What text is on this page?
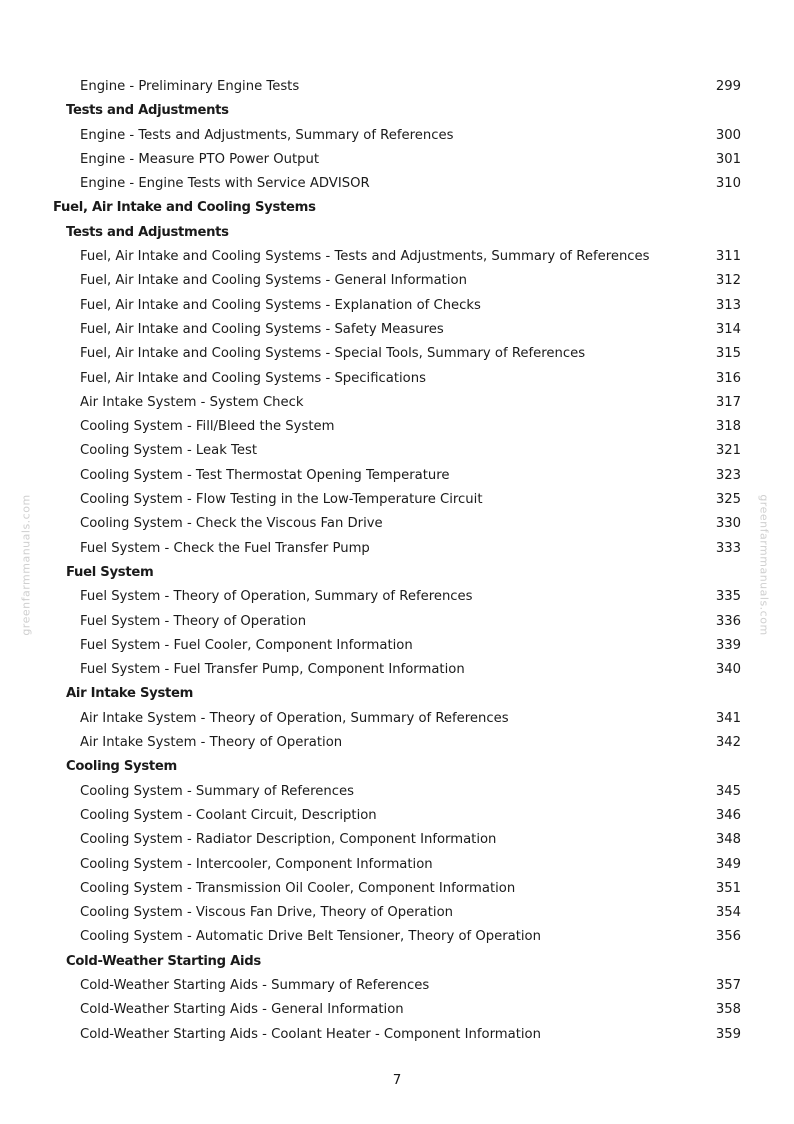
greenfarmmanuals.com	greenfarmmanuals.com
Engine - Preliminary Engine Tests	299
Tests and Adjustments
Engine - Tests and Adjustments, Summary of References	300
Engine - Measure PTO Power Output	301
Engine - Engine Tests with Service ADVISOR	310
Fuel, Air Intake and Cooling Systems
Tests and Adjustments
Fuel, Air Intake and Cooling Systems - Tests and Adjustments, Summary of References	311
Fuel, Air Intake and Cooling Systems - General Information	312
Fuel, Air Intake and Cooling Systems - Explanation of Checks	313
Fuel, Air Intake and Cooling Systems - Safety Measures	314
Fuel, Air Intake and Cooling Systems - Special Tools, Summary of References	315
Fuel, Air Intake and Cooling Systems - Specifications	316
Air Intake System - System Check	317
Cooling System - Fill/Bleed the System	318
Cooling System - Leak Test	321
Cooling System - Test Thermostat Opening Temperature	323
Cooling System - Flow Testing in the Low-Temperature Circuit	325
Cooling System - Check the Viscous Fan Drive	330
Fuel System - Check the Fuel Transfer Pump	333
Fuel System
Fuel System - Theory of Operation, Summary of References	335
Fuel System - Theory of Operation	336
Fuel System - Fuel Cooler, Component Information	339
Fuel System - Fuel Transfer Pump, Component Information	340
Air Intake System
Air Intake System - Theory of Operation, Summary of References	341
Air Intake System - Theory of Operation	342
Cooling System
Cooling System - Summary of References	345
Cooling System - Coolant Circuit, Description	346
Cooling System - Radiator Description, Component Information	348
Cooling System - Intercooler, Component Information	349
Cooling System - Transmission Oil Cooler, Component Information	351
Cooling System - Viscous Fan Drive, Theory of Operation	354
Cooling System - Automatic Drive Belt Tensioner, Theory of Operation	356
Cold-Weather Starting Aids
Cold-Weather Starting Aids - Summary of References	357
Cold-Weather Starting Aids - General Information	358
Cold-Weather Starting Aids - Coolant Heater - Component Information	359
7
